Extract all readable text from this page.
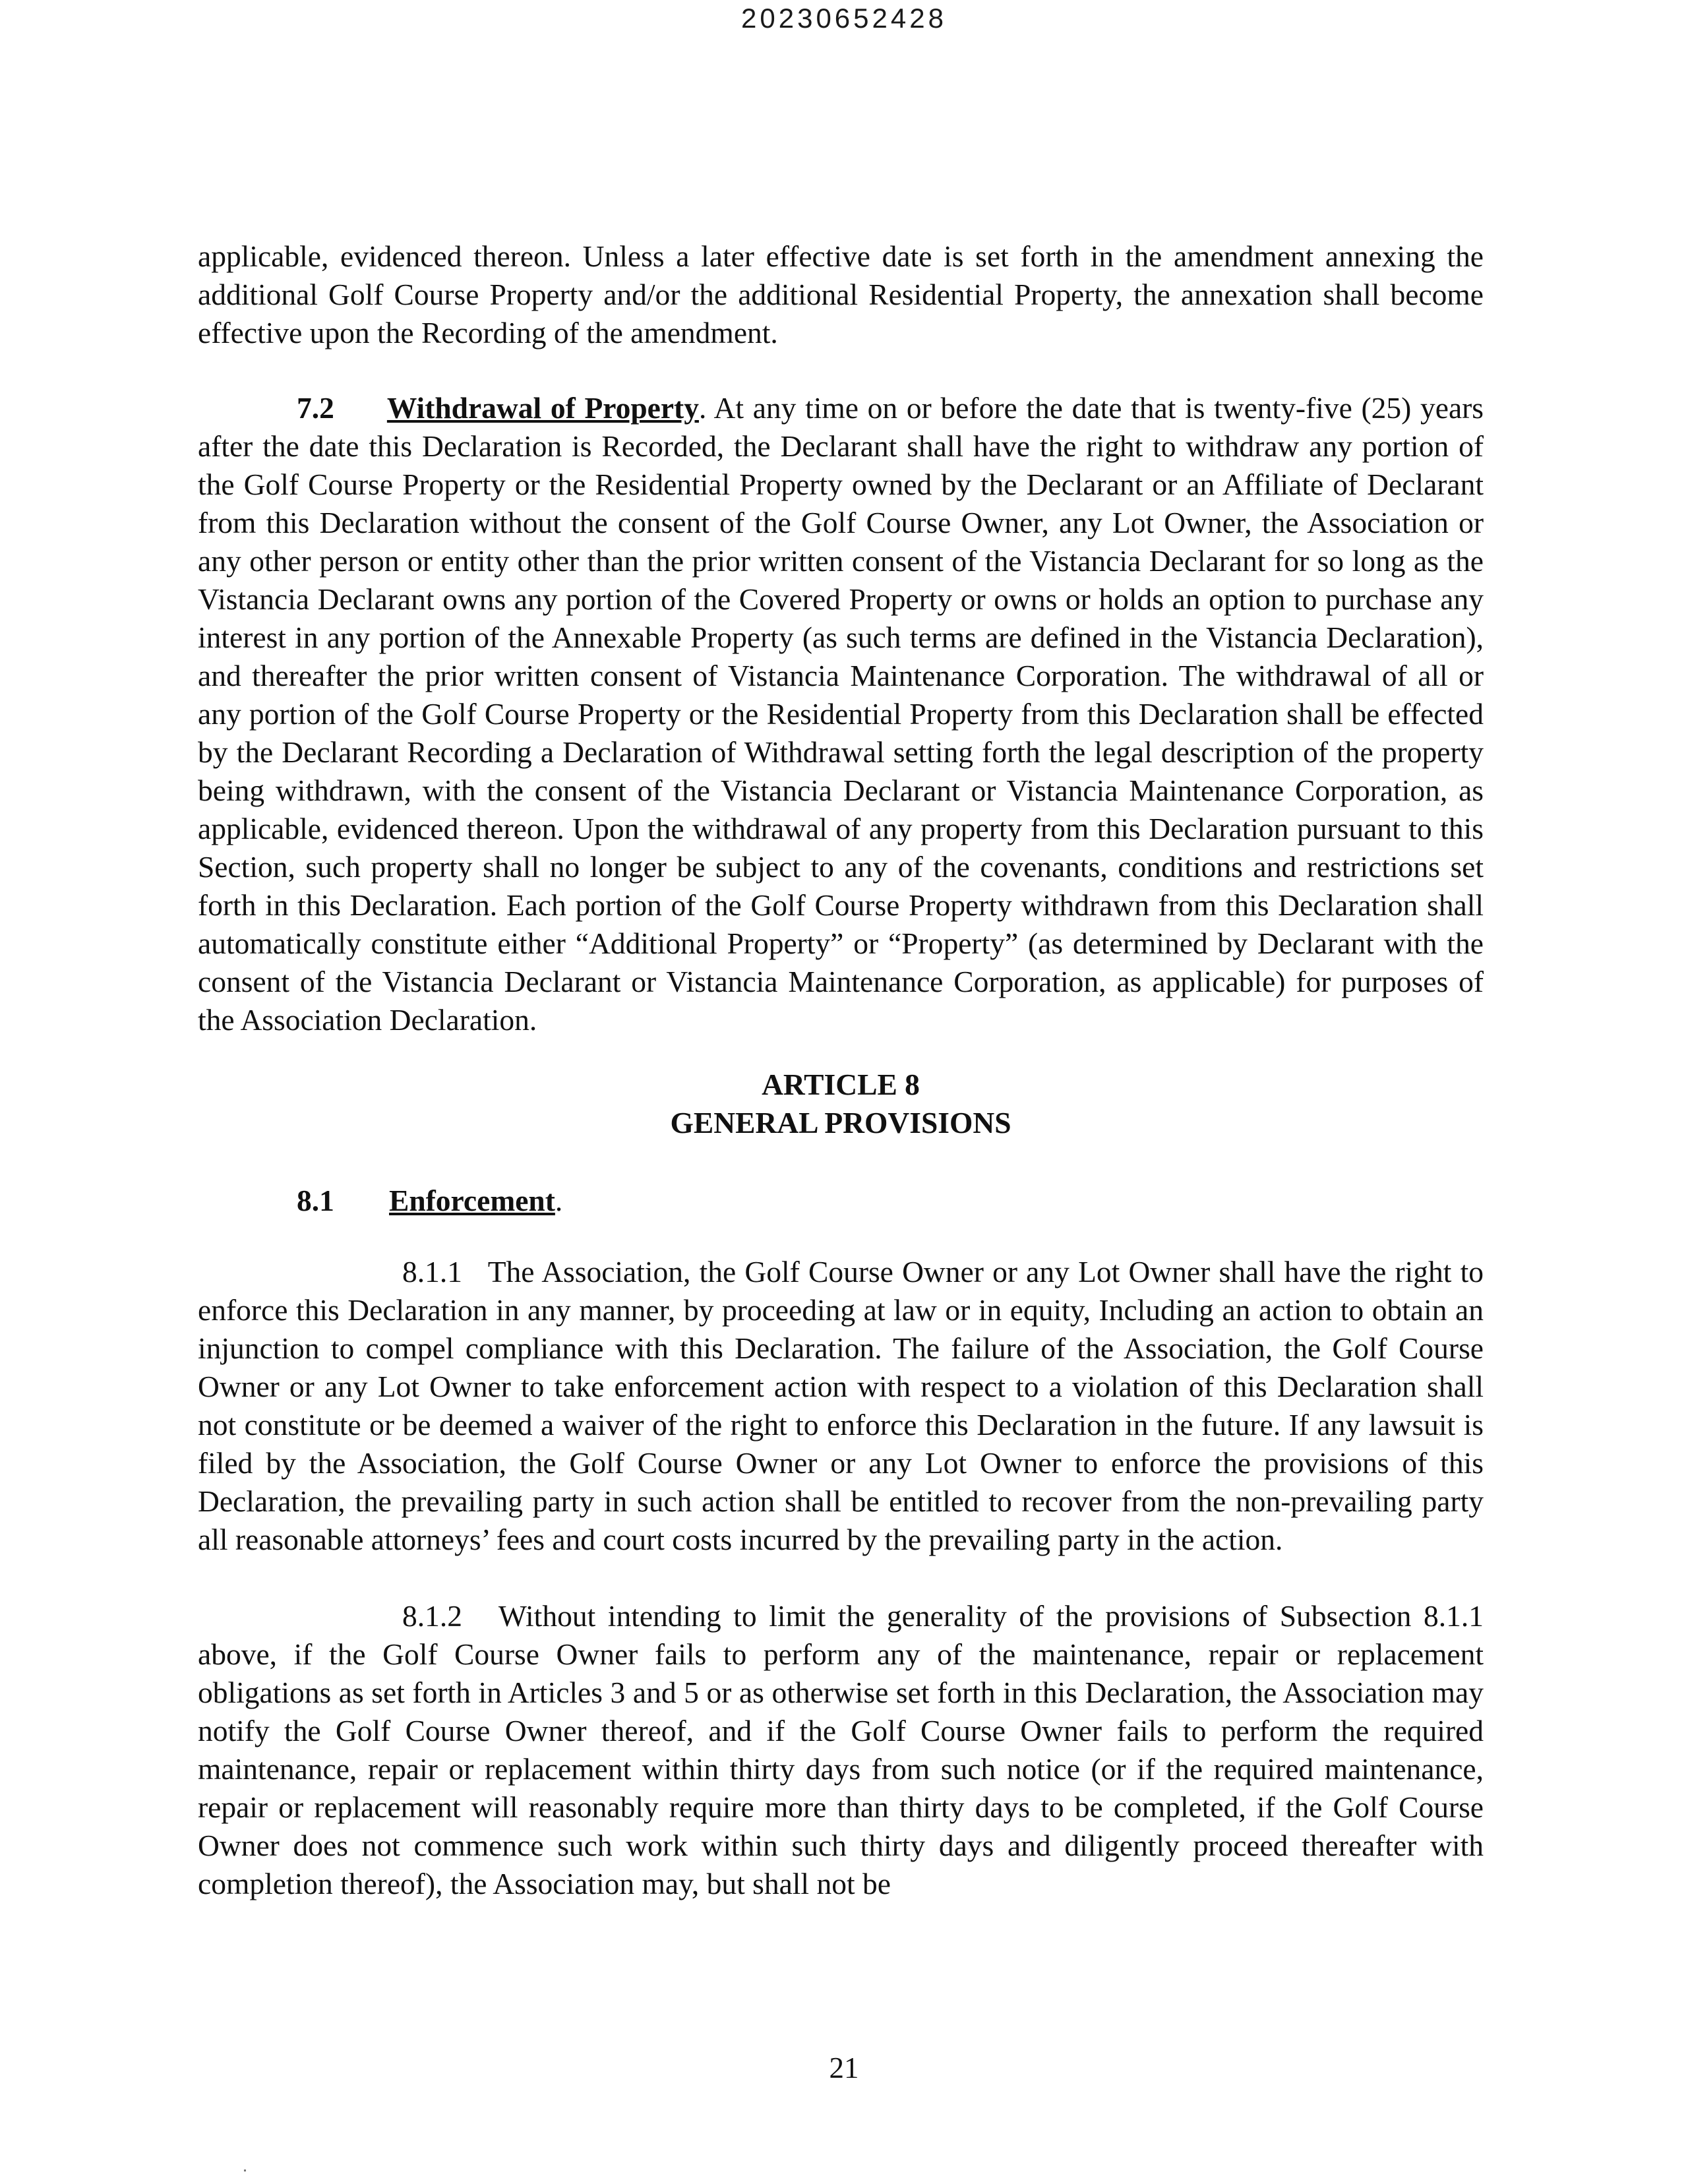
20230652428

applicable, evidenced thereon. Unless a later effective date is set forth in the amendment annexing the additional Golf Course Property and/or the additional Residential Property, the annexation shall become effective upon the Recording of the amendment.

7.2 Withdrawal of Property. At any time on or before the date that is twenty-five (25) years after the date this Declaration is Recorded, the Declarant shall have the right to withdraw any portion of the Golf Course Property or the Residential Property owned by the Declarant or an Affiliate of Declarant from this Declaration without the consent of the Golf Course Owner, any Lot Owner, the Association or any other person or entity other than the prior written consent of the Vistancia Declarant for so long as the Vistancia Declarant owns any portion of the Covered Property or owns or holds an option to purchase any interest in any portion of the Annexable Property (as such terms are defined in the Vistancia Declaration), and thereafter the prior written consent of Vistancia Maintenance Corporation. The withdrawal of all or any portion of the Golf Course Property or the Residential Property from this Declaration shall be effected by the Declarant Recording a Declaration of Withdrawal setting forth the legal description of the property being withdrawn, with the consent of the Vistancia Declarant or Vistancia Maintenance Corporation, as applicable, evidenced thereon. Upon the withdrawal of any property from this Declaration pursuant to this Section, such property shall no longer be subject to any of the covenants, conditions and restrictions set forth in this Declaration. Each portion of the Golf Course Property withdrawn from this Declaration shall automatically constitute either “Additional Property” or “Property” (as determined by Declarant with the consent of the Vistancia Declarant or Vistancia Maintenance Corporation, as applicable) for purposes of the Association Declaration.

ARTICLE 8

GENERAL PROVISIONS

8.1 Enforcement.

8.1.1 The Association, the Golf Course Owner or any Lot Owner shall have the right to enforce this Declaration in any manner, by proceeding at law or in equity, Including an action to obtain an injunction to compel compliance with this Declaration. The failure of the Association, the Golf Course Owner or any Lot Owner to take enforcement action with respect to a violation of this Declaration shall not constitute or be deemed a waiver of the right to enforce this Declaration in the future. If any lawsuit is filed by the Association, the Golf Course Owner or any Lot Owner to enforce the provisions of this Declaration, the prevailing party in such action shall be entitled to recover from the non-prevailing party all reasonable attorneys’ fees and court costs incurred by the prevailing party in the action.

8.1.2 Without intending to limit the generality of the provisions of Subsection 8.1.1 above, if the Golf Course Owner fails to perform any of the maintenance, repair or replacement obligations as set forth in Articles 3 and 5 or as otherwise set forth in this Declaration, the Association may notify the Golf Course Owner thereof, and if the Golf Course Owner fails to perform the required maintenance, repair or replacement within thirty days from such notice (or if the required maintenance, repair or replacement will reasonably require more than thirty days to be completed, if the Golf Course Owner does not commence such work within such thirty days and diligently proceed thereafter with completion thereof), the Association may, but shall not be

21
